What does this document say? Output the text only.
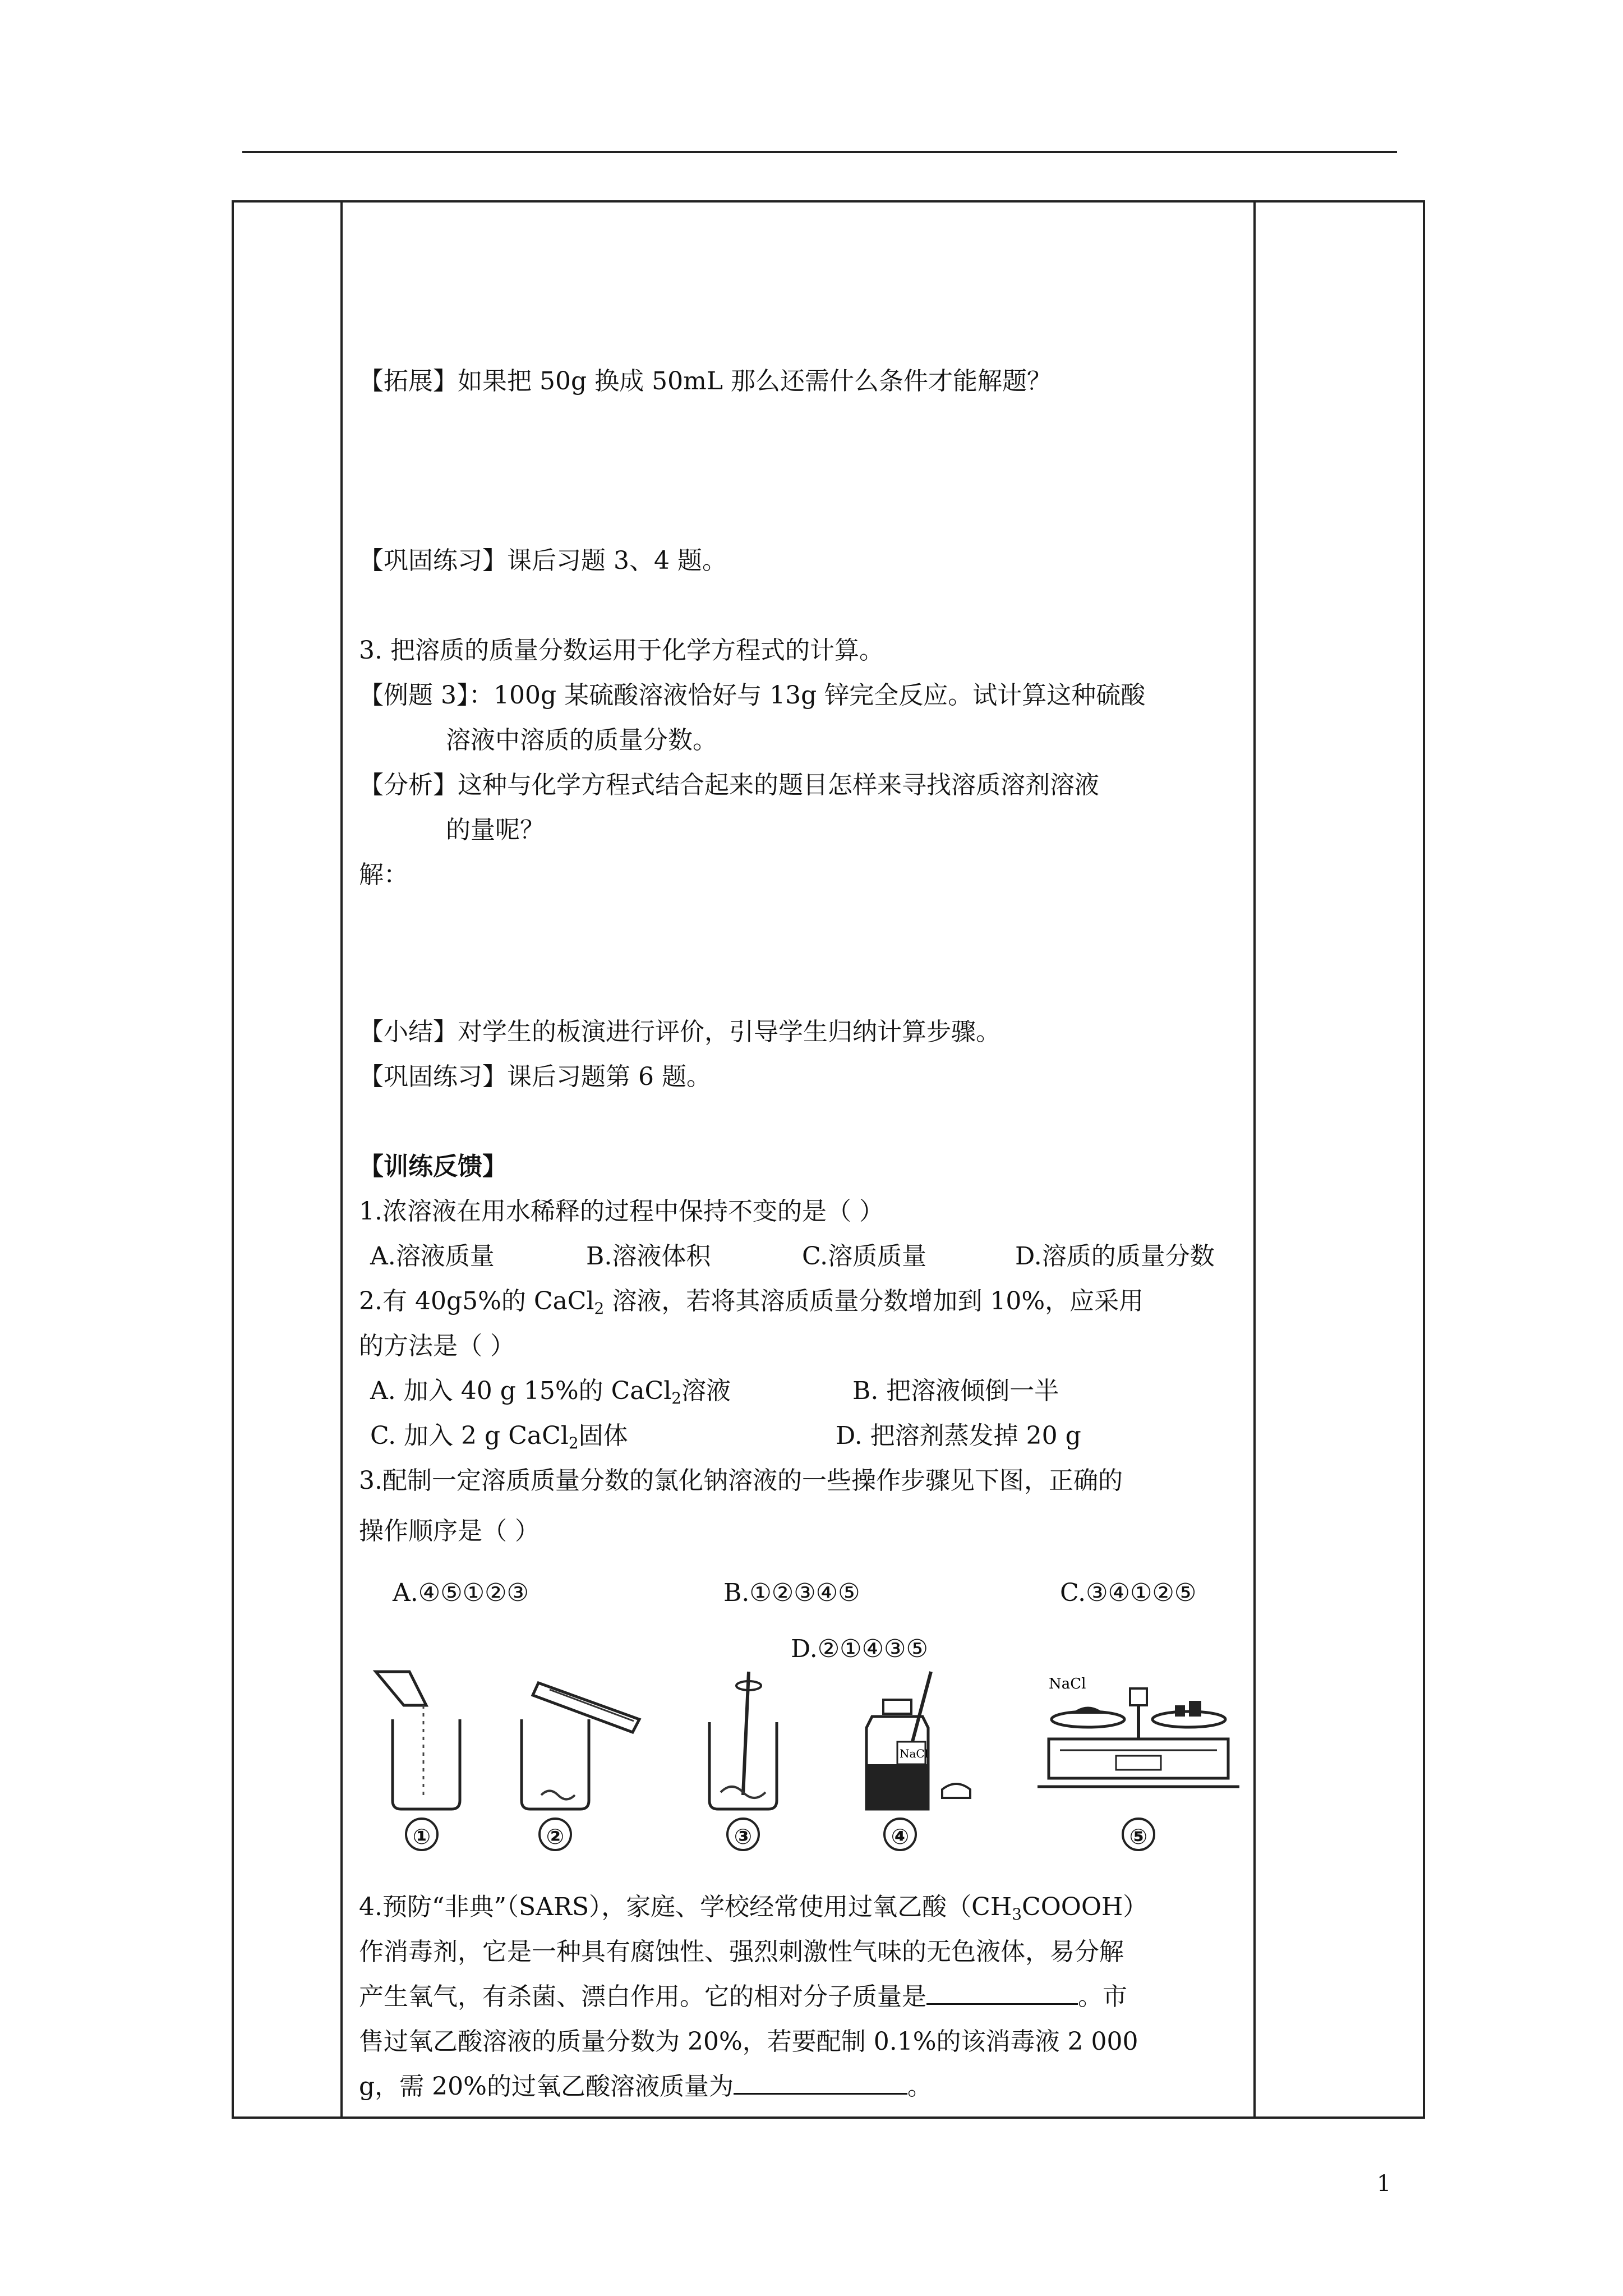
【拓展】如果把 50g 换成 50mL 那么还需什么条件才能解题？
【巩固练习】课后习题 3、4 题。
3. 把溶质的质量分数运用于化学方程式的计算。
【例题 3】：100g 某硫酸溶液恰好与 13g 锌完全反应。试计算这种硫酸
溶液中溶质的质量分数。
【分析】这种与化学方程式结合起来的题目怎样来寻找溶质溶剂溶液
的量呢？
解：
【小结】对学生的板演进行评价，引导学生归纳计算步骤。
【巩固练习】课后习题第 6 题。
【训练反馈】
1.浓溶液在用水稀释的过程中保持不变的是（ ）
A.溶液质量	B.溶液体积	C.溶质质量	D.溶质的质量分数
2.有 40g5%的 CaCl$_2$ 溶液，若将其溶质质量分数增加到 10%，应采用
的方法是（ ）
A. 加入 40 g 15%的 CaCl$_2$溶液	B. 把溶液倾倒一半
C. 加入 2 g CaCl$_2$固体	D. 把溶剂蒸发掉 20 g
3.配制一定溶质质量分数的氯化钠溶液的一些操作步骤见下图，正确的
操作顺序是（ ）
A.④⑤①②③	B.①②③④⑤	C.③④①②⑤
D.②①④③⑤
4.预防“非典”（SARS），家庭、学校经常使用过氧乙酸$(CH_3COOOH)$
作消毒剂，它是一种具有腐蚀性、强烈刺激性气味的无色液体，易分解
产生氧气，有杀菌、漂白作用。它的相对分子质量是	。市
售过氧乙酸溶液的质量分数为 20%，若要配制 0.1%的该消毒液 2 000
g，需 20%的过氧乙酸溶液质量为	。
①	②	③
NaCl
④
NaCl
⑤
1
